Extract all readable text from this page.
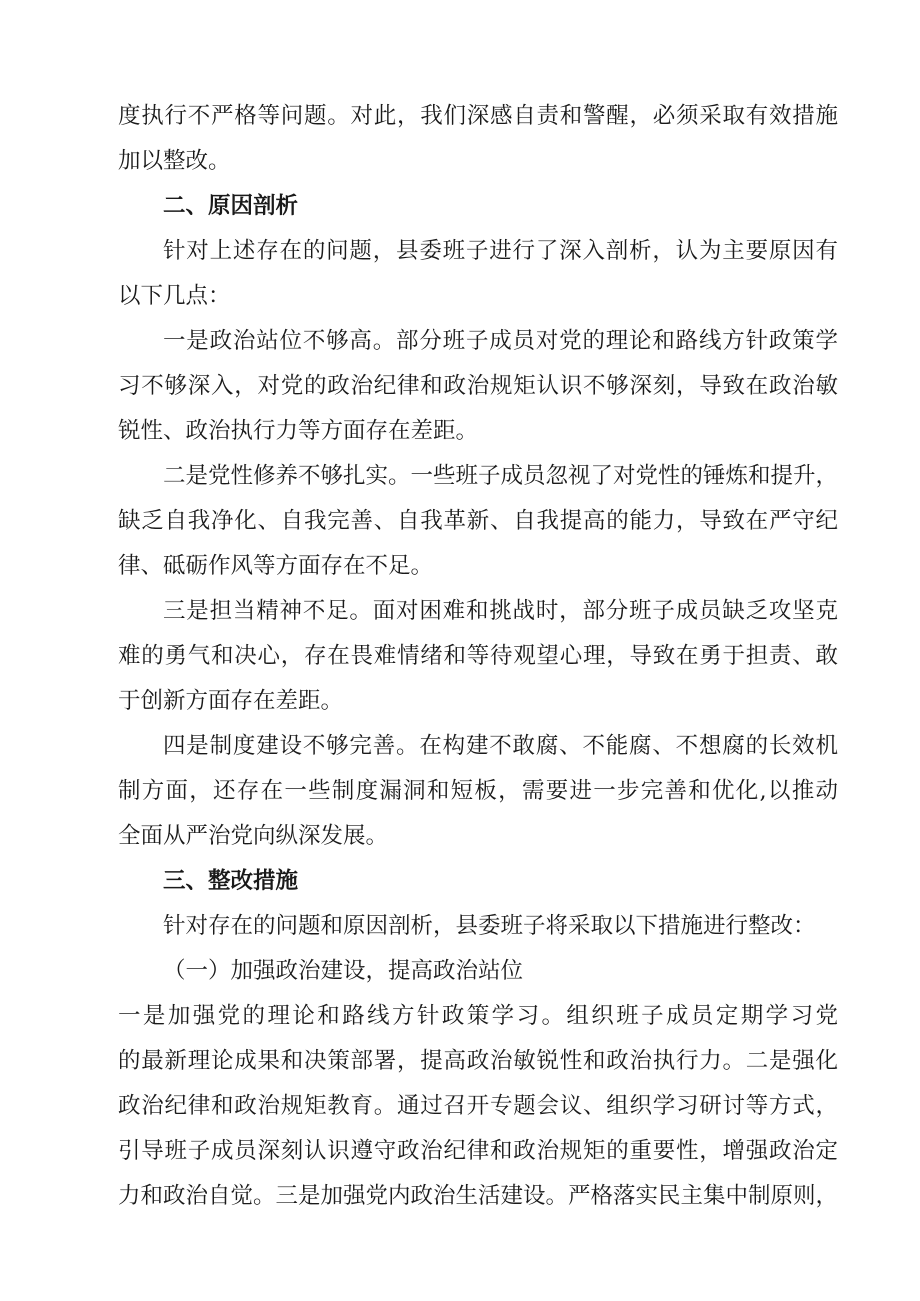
度执行不严格等问题。对此，我们深感自责和警醒，必须采取有效措施
加以整改。
二、原因剖析
针对上述存在的问题，县委班子进行了深入剖析，认为主要原因有
以下几点：
一是政治站位不够高。部分班子成员对党的理论和路线方针政策学
习不够深入，对党的政治纪律和政治规矩认识不够深刻，导致在政治敏
锐性、政治执行力等方面存在差距。
二是党性修养不够扎实。一些班子成员忽视了对党性的锤炼和提升，
缺乏自我净化、自我完善、自我革新、自我提高的能力，导致在严守纪
律、砥砺作风等方面存在不足。
三是担当精神不足。面对困难和挑战时，部分班子成员缺乏攻坚克
难的勇气和决心，存在畏难情绪和等待观望心理，导致在勇于担责、敢
于创新方面存在差距。
四是制度建设不够完善。在构建不敢腐、不能腐、不想腐的长效机
制方面，还存在一些制度漏洞和短板，需要进一步完善和优化,以推动
全面从严治党向纵深发展。
三、整改措施
针对存在的问题和原因剖析，县委班子将采取以下措施进行整改：
（一）加强政治建设，提高政治站位
一是加强党的理论和路线方针政策学习。组织班子成员定期学习党
的最新理论成果和决策部署，提高政治敏锐性和政治执行力。二是强化
政治纪律和政治规矩教育。通过召开专题会议、组织学习研讨等方式，
引导班子成员深刻认识遵守政治纪律和政治规矩的重要性，增强政治定
力和政治自觉。三是加强党内政治生活建设。严格落实民主集中制原则，
